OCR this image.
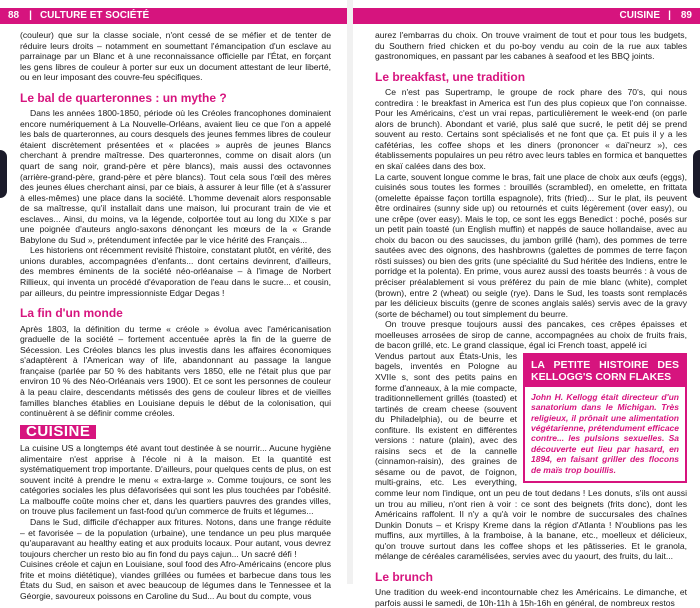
88 | CULTURE ET SOCIÉTÉ	CUISINE | 89

(couleur) que sur la classe sociale, n'ont cessé de se méfier et de tenter de réduire leurs droits – notamment en soumettant l'émancipation d'un esclave au parrainage par un Blanc et à une reconnaissance officielle par l'État, en forçant les gens libres de couleur à porter sur eux un document attestant de leur liberté, ou en leur imposant des couvre-feu spécifiques.

Le bal de quarteronnes : un mythe ?

Dans les années 1800-1850, période où les Créoles francophones dominaient encore numériquement à La Nouvelle-Orléans, avaient lieu ce que l'on a appelé les bals de quarteronnes, au cours desquels des jeunes femmes libres de couleur étaient discrètement présentées et « placées » auprès de jeunes Blancs cherchant à prendre maîtresse. Des quarteronnes, comme on disait alors (un quart de sang noir, grand-père et père blancs), mais aussi des octavonnes (arrière-grand-père, grand-père et père blancs). Tout cela sous l'œil des mères des jeunes élues cherchant ainsi, par ce biais, à assurer à leur fille (et à s'assurer à elles-mêmes) une place dans la société. L'homme devenait alors responsable de sa maîtresse, qu'il installait dans une maison, lui procurant train de vie et esclaves... Ainsi, du moins, va la légende, colportée tout au long du XIXe s par une poignée d'auteurs anglo-saxons dénonçant les mœurs de la « Grande Babylone du Sud », prétendument infectée par le vice hérité des Français...

Les historiens ont récemment revisité l'histoire, constatant plutôt, en vérité, des unions durables, accompagnées d'enfants... dont certains devinrent, d'ailleurs, des membres éminents de la société néo-orléanaise – à l'image de Norbert Rillieux, qui inventa un procédé d'évaporation de l'eau dans le sucre... et cousin, par ailleurs, du peintre impressionniste Edgar Degas !

La fin d'un monde

Après 1803, la définition du terme « créole » évolua avec l'américanisation graduelle de la société – fortement accentuée après la fin de la guerre de Sécession. Les Créoles blancs les plus investis dans les affaires économiques s'adaptèrent à l'American way of life, abandonnant au passage la langue française (parlée par 50 % des habitants vers 1850, elle ne l'était plus que par environ 10 % des Néo-Orléanais vers 1900). Et ce sont les personnes de couleur à la peau claire, descendants métissés des gens de couleur libres et de vieilles familles blanches établies en Louisiane depuis le début de la colonisation, qui continuèrent à se définir comme créoles.

CUISINE

La cuisine US a longtemps été avant tout destinée à se nourrir... Aucune hygiène alimentaire n'est apprise à l'école ni à la maison. Et la quantité est systématiquement trop importante. D'ailleurs, pour quelques cents de plus, on est souvent incité à prendre le menu « extra-large ». Comme toujours, ce sont les catégories sociales les plus défavorisées qui sont les plus touchées par l'obésité. La malbouffe coûte moins cher et, dans les quartiers pauvres des grandes villes, on trouve plus facilement un fast-food qu'un commerce de fruits et légumes...

Dans le Sud, difficile d'échapper aux fritures. Notons, dans une frange réduite – et favorisée – de la population (urbaine), une tendance un peu plus marquée qu'auparavant au healthy eating et aux produits locaux. Pour autant, vous devrez toujours chercher un resto bio au fin fond du pays cajun... Un sacré défi !

Cuisines créole et cajun en Louisiane, soul food des Afro-Américains (encore plus frite et moins diététique), viandes grillées ou fumées et barbecue dans tous les États du Sud, en saison et avec beaucoup de légumes dans le Tennessee et la Géorgie, savoureux poissons en Caroline du Sud... Au bout du compte, vous

aurez l'embarras du choix. On trouve vraiment de tout et pour tous les budgets, du Southern fried chicken et du po-boy vendu au coin de la rue aux tables gastronomiques, en passant par les cabanes à seafood et les BBQ joints.

Le breakfast, une tradition

Ce n'est pas Supertramp, le groupe de rock phare des 70's, qui nous contredira : le breakfast in America est l'un des plus copieux que l'on connaisse. Pour les Américains, c'est un vrai repas, particulièrement le week-end (on parle alors de brunch). Abondant et varié, plus salé que sucré, le petit déj se prend souvent au resto. Certains sont spécialisés et ne font que ça. Et puis il y a les cafétérias, les coffee shops et les diners (prononcer « daï'neurz »), ces établissements populaires un peu rétro avec leurs tables en formica et banquettes en skaï calées dans des box.

La carte, souvent longue comme le bras, fait une place de choix aux œufs (eggs), cuisinés sous toutes les formes : brouillés (scrambled), en omelette, en frittata (omelette épaisse façon tortilla espagnole), frits (fried)... Sur le plat, ils peuvent être ordinaires (sunny side up) ou retournés et cuits légèrement (over easy), ou une crêpe (over easy). Mais le top, ce sont les eggs Benedict : poché, posés sur un petit pain toasté (un English muffin) et nappés de sauce hollandaise, avec au choix du bacon ou des saucisses, du jambon grillé (ham), des pommes de terre sautées avec des oignons, des hashbrowns (galettes de pommes de terre façon rösti suisses) ou bien des grits (une spécialité du Sud héritée des Indiens, entre le porridge et la polenta). En prime, vous aurez aussi des toasts beurrés : à vous de préciser préalablement si vous préférez du pain de mie blanc (white), complet (brown), entre 2 (wheat) ou seigle (rye). Dans le Sud, les toasts sont remplacés par les délicieux biscuits (genre de scones anglais salés) servis avec de la gravy (sorte de béchamel) ou tout simplement du beurre.

On trouve presque toujours aussi des pancakes, ces crêpes épaisses et moelleuses arrosées de sirop de canne, accompagnées au choix de fruits frais, de bacon grillé, etc. Le grand classique, égal ici French toast, appelé ici

LA PETITE HISTOIRE DES KELLOGG'S CORN FLAKES
John H. Kellogg était directeur d'un sanatorium dans le Michigan. Très religieux, il prônait une alimentation végétarienne, prétendument efficace contre... les pulsions sexuelles. Sa découverte eut lieu par hasard, en 1894, en faisant griller des flocons de maïs trop bouillis.

Vendus partout aux États-Unis, les bagels, inventés en Pologne au XVIIe s, sont des petits pains en forme d'anneaux, à la mie compacte, traditionnellement grillés (toasted) et tartinés de cream cheese (souvent du Philadelphia), ou de beurre et confiture. Ils existent en différentes versions : nature (plain), avec des raisins secs et de la cannelle (cinnamon-raisin), des graines de sésame ou de pavot, de l'oignon, multi-grains, etc. Les everything, comme leur nom l'indique, ont un peu de tout dedans ! Les donuts, s'ils ont aussi un trou au milieu, n'ont rien à voir : ce sont des beignets (frits donc), dont les Américains raffolent. Il n'y a qu'à voir le nombre de succursales des chaînes Dunkin Donuts – et Krispy Kreme dans la région d'Atlanta ! N'oublions pas les muffins, aux myrtilles, à la framboise, à la banane, etc., moelleux et délicieux, qu'on trouve surtout dans les coffee shops et les pâtisseries. Et le granola, mélange de céréales caramélisées, servies avec du yaourt, des fruits, du lait...

Le brunch

Une tradition du week-end incontournable chez les Américains. Le dimanche, et parfois aussi le samedi, de 10h-11h à 15h-16h en général, de nombreux restos
